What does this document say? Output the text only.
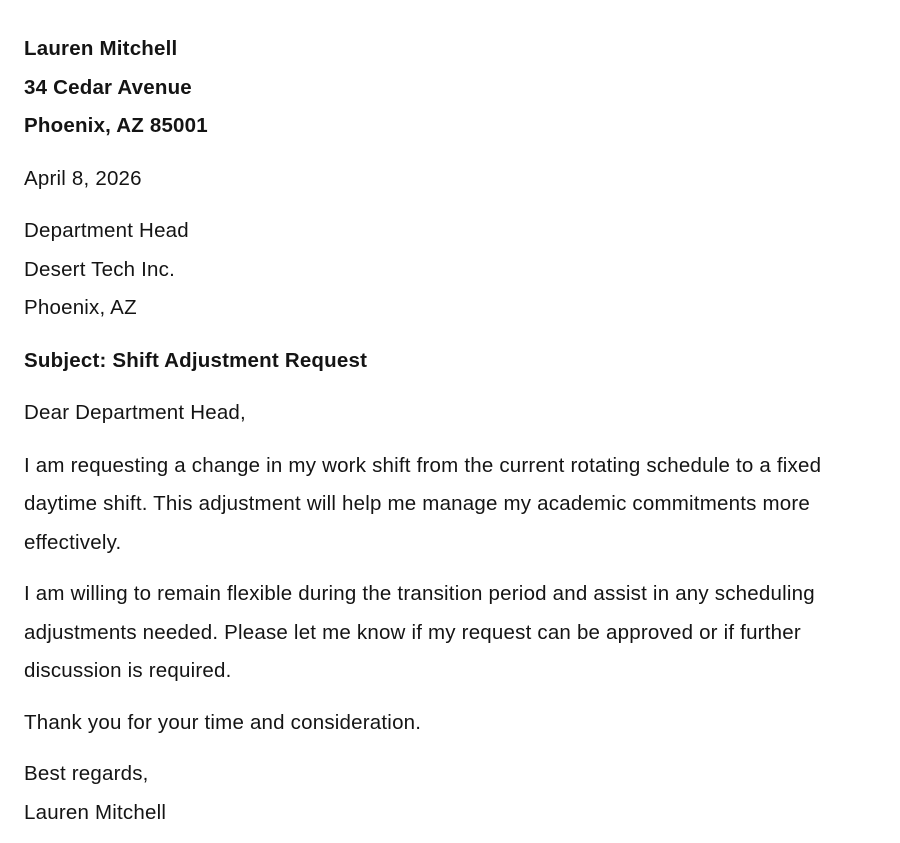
Lauren Mitchell
34 Cedar Avenue
Phoenix, AZ 85001
April 8, 2026
Department Head
Desert Tech Inc.
Phoenix, AZ
Subject: Shift Adjustment Request
Dear Department Head,

I am requesting a change in my work shift from the current rotating schedule to a fixed daytime shift. This adjustment will help me manage my academic commitments more effectively.

I am willing to remain flexible during the transition period and assist in any scheduling adjustments needed. Please let me know if my request can be approved or if further discussion is required.

Thank you for your time and consideration.

Best regards,
Lauren Mitchell
